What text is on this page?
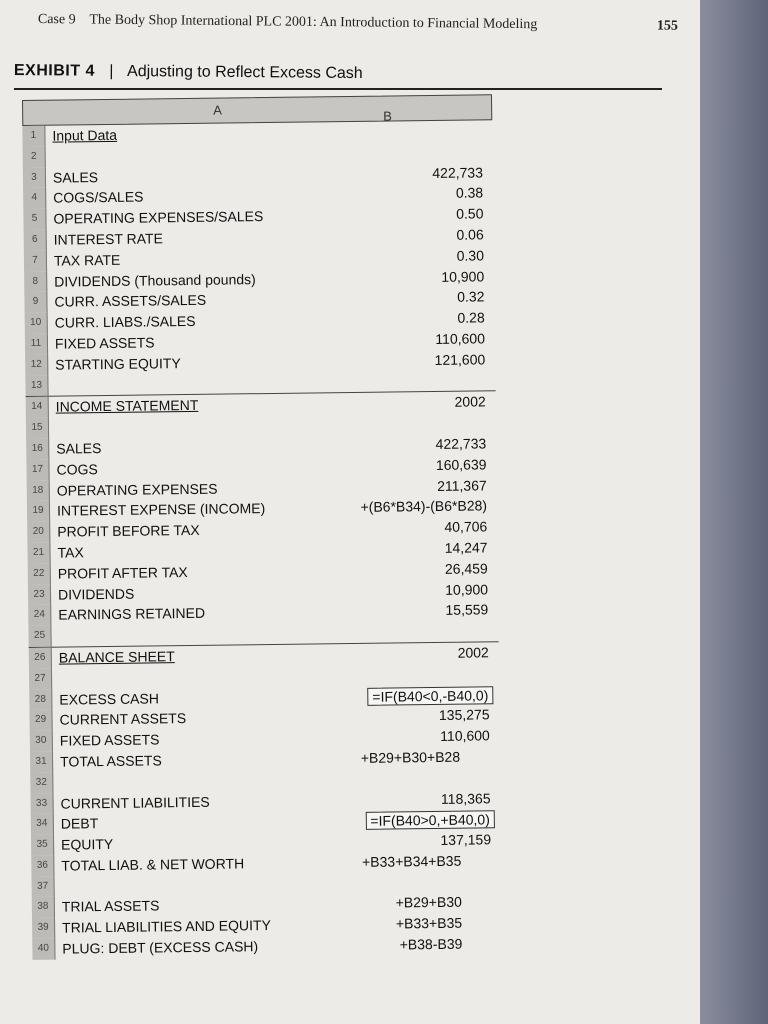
Case 9 The Body Shop International PLC 2001: An Introduction to Financial Modeling	155
EXHIBIT 4 | Adjusting to Reflect Excess Cash
A	B
1	Input Data
2
3	SALES	422,733
4	COGS/SALES	0.38
5	OPERATING EXPENSES/SALES	0.50
6	INTEREST RATE	0.06
7	TAX RATE	0.30
8	DIVIDENDS (Thousand pounds)	10,900
9	CURR. ASSETS/SALES	0.32
10 CURR. LIABS./SALES	0.28
11 FIXED ASSETS	110,600
12 STARTING EQUITY	121,600
13
14 INCOME STATEMENT	2002
15
16 SALES	422,733
17 COGS	160,639
18 OPERATING EXPENSES	211,367
19 INTEREST EXPENSE (INCOME)	+(B6*B34)-(B6*B28)
20 PROFIT BEFORE TAX	40,706
21 TAX	14,247
22 PROFIT AFTER TAX	26,459
23 DIVIDENDS	10,900
24 EARNINGS RETAINED	15,559
25
26 BALANCE SHEET	2002
27
28 EXCESS CASH	=IF(B40<0,-B40,0)
29 CURRENT ASSETS	135,275
30 FIXED ASSETS	110,600
31 TOTAL ASSETS	+B29+B30+B28
32
33 CURRENT LIABILITIES	118,365
34 DEBT	=IF(B40>0,+B40,0)
35 EQUITY	137,159
36 TOTAL LIAB. & NET WORTH	+B33+B34+B35
37
38 TRIAL ASSETS	+B29+B30
39 TRIAL LIABILITIES AND EQUITY	+B33+B35
40 PLUG: DEBT (EXCESS CASH)	+B38-B39
